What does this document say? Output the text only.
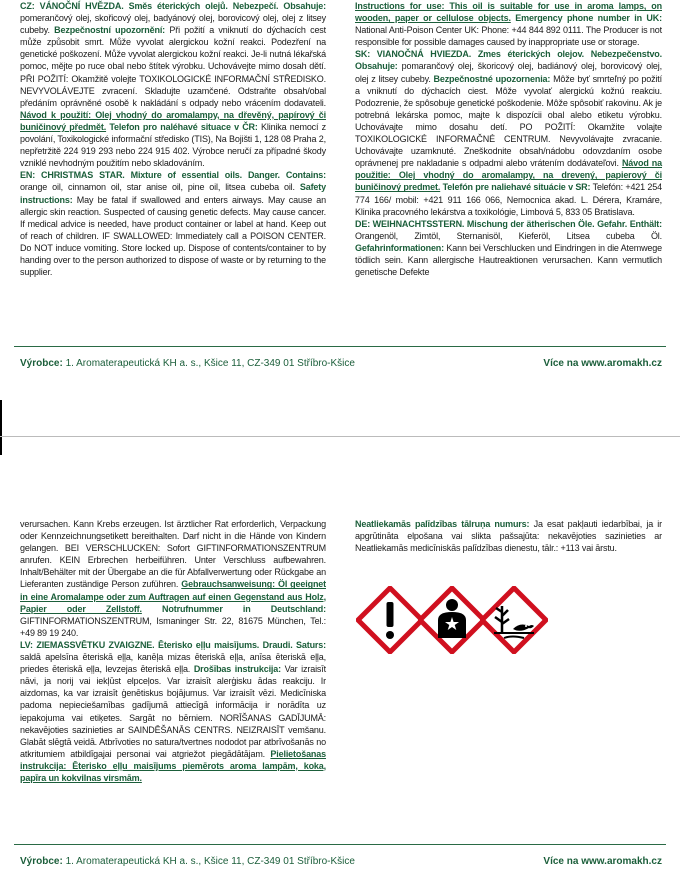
CZ: VÁNOČNÍ HVĚZDA. Směs éterických olejů. Nebezpečí. Obsahuje: pomerančový olej, skořicový olej, badyánový olej, borovicový olej, olej z litsey cubeby. Bezpečnostní upozornění: Při požití a vniknutí do dýchacích cest může způsobit smrt. Může vyvolat alergickou kožní reakci. Podezření na genetické poškození. Může vyvolat alergickou kožní reakci. Je-li nutná lékařská pomoc, mějte po ruce obal nebo štítek výrobku. Uchovávejte mimo dosah dětí. PŘI POŽITÍ: Okamžitě volejte TOXIKOLOGICKÉ INFORMAČNÍ STŘEDISKO. NEVYVOLÁVEJTE zvracení. Skladujte uzamčené. Odstraňte obsah/obal předáním oprávněné osobě k nakládání s odpady nebo vrácením dodavateli. Návod k použití: Olej vhodný do aromalampy, na dřevěný, papírový či buničinový předmět. Telefon pro naléhavé situace v ČR: Klinika nemocí z povolání, Toxikologické informační středisko (TIS), Na Bojišti 1, 128 08 Praha 2, nepřetržitě 224 919 293 nebo 224 915 402. Výrobce neručí za případné škody vzniklé nevhodným použitím nebo skladováním.

EN: CHRISTMAS STAR. Mixture of essential oils. Danger. Contains: orange oil, cinnamon oil, star anise oil, pine oil, litsea cubeba oil. Safety instructions: May be fatal if swallowed and enters airways. May cause an allergic skin reaction. Suspected of causing genetic defects. May cause cancer. If medical advice is needed, have product container or label at hand. Keep out of reach of children. IF SWALLOWED: Immediately call a POISON CENTER. Do NOT induce vomiting. Store locked up. Dispose of contents/container to by handing over to the person authorized to dispose of waste or by returning to the supplier.

Instructions for use: This oil is suitable for use in aroma lamps, on wooden, paper or cellulose objects. Emergency phone number in UK: National Anti-Poison Center UK: Phone: +44 844 892 0111. The Producer is not responsible for possible damages caused by inappropriate use or storage.

SK: VIANOČNÁ HVIEZDA. Zmes éterických olejov. Nebezpečenstvo. Obsahuje: pomarančový olej, škoricový olej, badiánový olej, borovicový olej, olej z litsey cubeby. Bezpečnostné upozornenia: Môže byť smrteľný po požití a vniknutí do dýchacích ciest. Môže vyvolať alergickú kožnú reakciu. Podozrenie, že spôsobuje genetické poškodenie. Môže spôsobiť rakovinu. Ak je potrebná lekárska pomoc, majte k dispozícii obal alebo etiketu výrobku. Uchovávajte mimo dosahu detí. PO POŽITÍ: Okamžite volajte TOXIKOLOGICKÉ INFORMAČNÉ CENTRUM. Nevyvolávajte zvracanie. Uchovávajte uzamknuté. Zneškodnite obsah/nádobu odovzdaním osobe oprávnenej pre nakladanie s odpadmi alebo vrátením dodávateľovi. Návod na použitie: Olej vhodný do aromalampy, na drevený, papierový či buničinový predmet. Telefón pre naliehavé situácie v SR: Telefón: +421 254 774 166/ mobil: +421 911 166 066, Nemocnica akad. L. Dérera, Kramáre, Klinika pracovného lekárstva a toxikológie, Limbová 5, 833 05 Bratislava.

DE: WEIHNACHTSSTERN. Mischung der ätherischen Öle. Gefahr. Enthält: Orangenöl, Zimtöl, Sternanisöl, Kieferöl, Litsea cubeba Öl. Gefahrinformationen: Kann bei Verschlucken und Eindringen in die Atemwege tödlich sein. Kann allergische Hautreaktionen verursachen. Kann vermutlich genetische Defekte

Výrobce: 1. Aromaterapeutická KH a. s., Kšice 11, CZ-349 01 Stříbro-Kšice	Více na www.aromakh.cz

verursachen. Kann Krebs erzeugen. Ist ärztlicher Rat erforderlich, Verpackung oder Kennzeichnungsetikett bereithalten. Darf nicht in die Hände von Kindern gelangen. BEI VERSCHLUCKEN: Sofort GIFTINFORMATIONSZENTRUM anrufen. KEIN Erbrechen herbeiführen. Unter Verschluss aufbewahren. Inhalt/Behälter mit der Übergabe an die für Abfallverwertung oder Rückgabe an Lieferanten zuständige Person zuführen. Gebrauchsanweisung: Öl geeignet in eine Aromalampe oder zum Auftragen auf einen Gegenstand aus Holz, Papier oder Zellstoff. Notrufnummer in Deutschland: GIFTINFORMATIONSZENTRUM, Ismaninger Str. 22, 81675 München, Tel.: +49 89 19 240.

LV: ZIEMASSVĒTKU ZVAIGZNE. Ēterisko eļļu maisījums. Draudi. Saturs: saldā apelsīna ēteriskā eļļa, kanēļa mizas ēteriskā eļļa, anīsa ēteriskā eļļa, priedes ēteriskā eļļa, levzejas ēteriskā eļļa. Drošības instrukcija: Var izraisīt nāvi, ja norij vai iekļūst elpceļos. Var izraisīt alerģisku ādas reakciju. Ir aizdomas, ka var izraisīt ģenētiskus bojājumus. Var izraisīt vēzi. Medicīniska padoma nepieciešamības gadījumā attiecīgā informācija ir norādīta uz iepakojuma vai etiķetes. Sargāt no bērniem. NORĪŠANAS GADĪJUMĀ: nekavējoties sazinieties ar SAINDĒŠANĀS CENTRS. NEIZRAISĪT vemšanu. Glabāt slēgtā veidā. Atbrīvoties no satura/tvertnes nododot par atbrīvošanās no atkritumiem atbildīgajai personai vai atgriežot piegādātājam. Pielietošanas instrukcija: Ēterisko eļļu maisījums piemērots aroma lampām, koka, papīra un kokvilnas virsmām.

Neatliekamās palīdzības tālruņa numurs: Ja esat pakļauti iedarbībai, ja ir apgrūtināta elpošana vai slikta pašsajūta: nekavējoties sazinieties ar Neatliekamās medicīniskās palīdzības dienestu, tālr.: +113 vai ārstu.

Výrobce: 1. Aromaterapeutická KH a. s., Kšice 11, CZ-349 01 Stříbro-Kšice	Více na www.aromakh.cz
